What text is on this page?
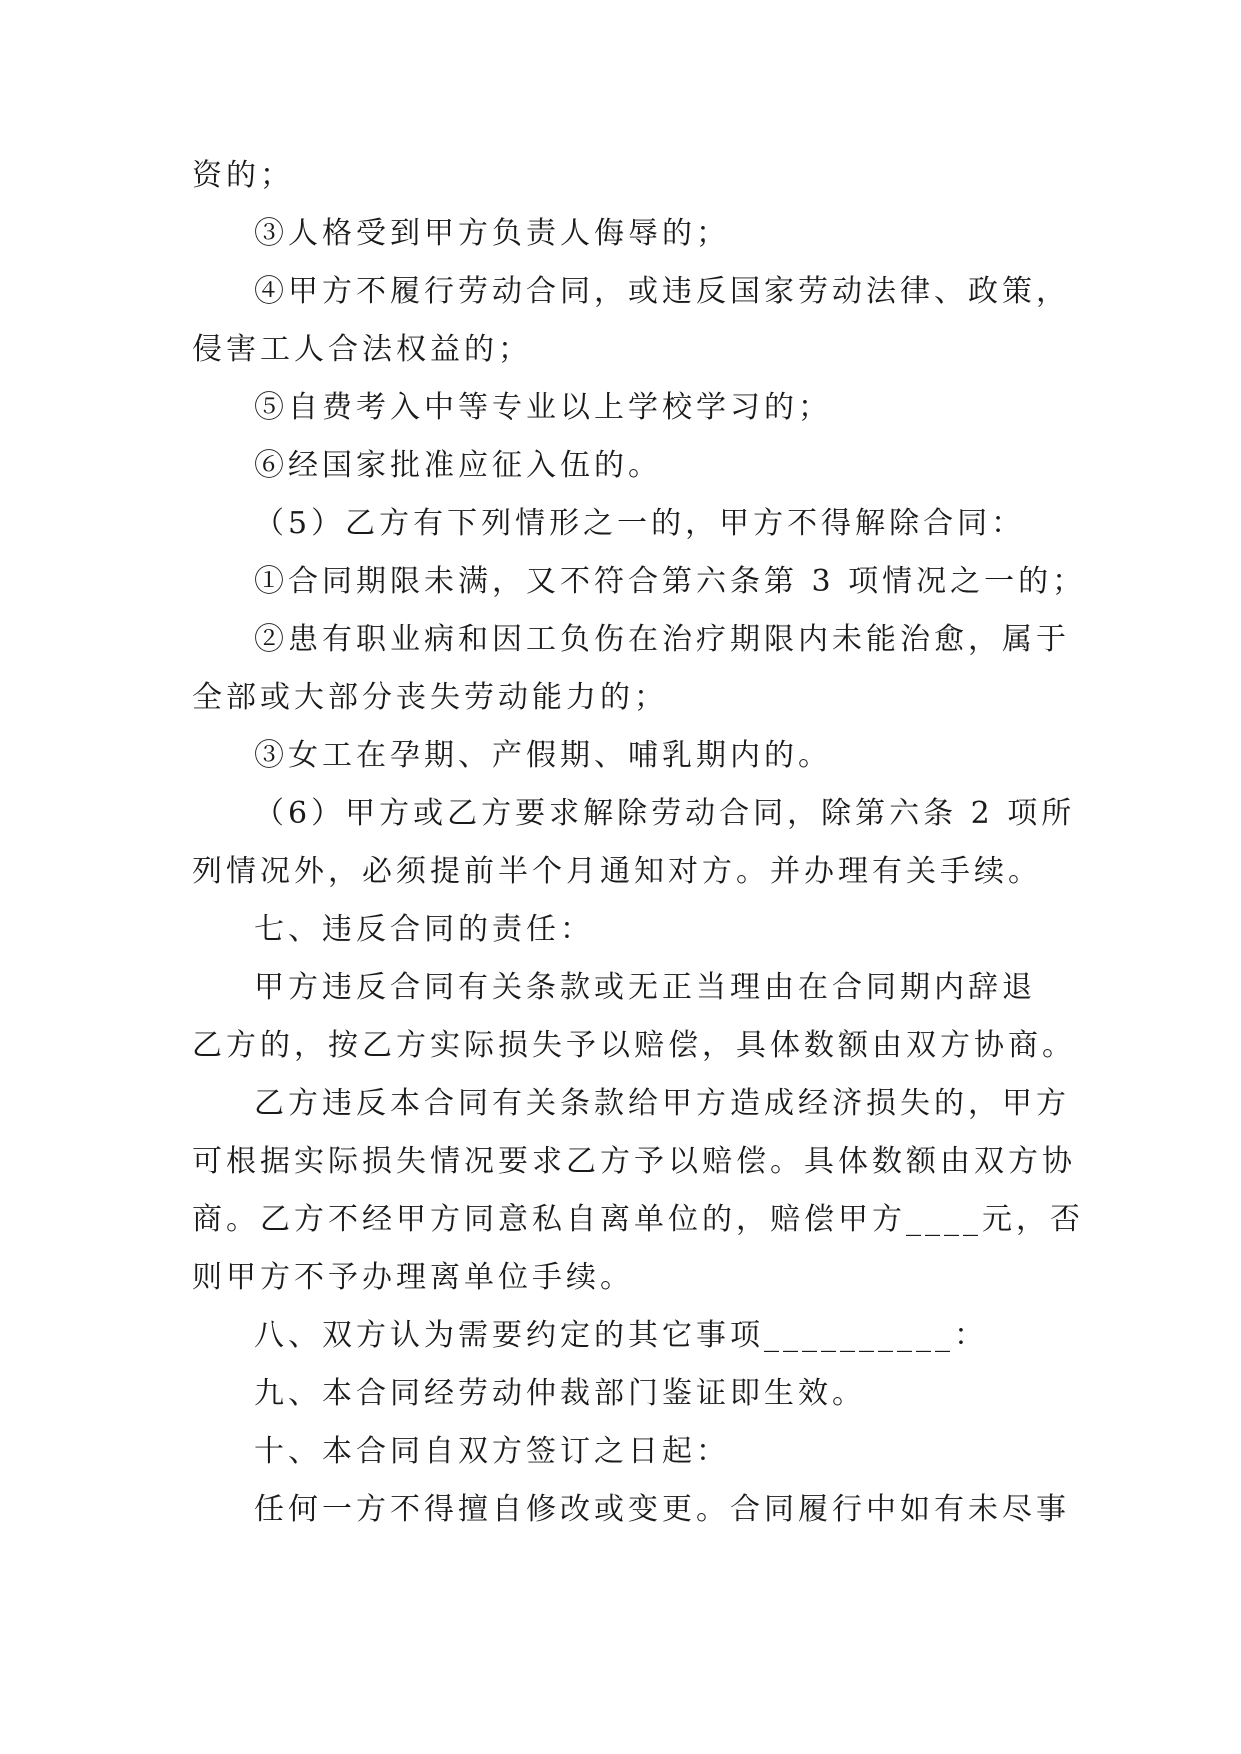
资的；
③人格受到甲方负责人侮辱的；
④甲方不履行劳动合同，或违反国家劳动法律、政策，
侵害工人合法权益的；
⑤自费考入中等专业以上学校学习的；
⑥经国家批准应征入伍的。
（5）乙方有下列情形之一的，甲方不得解除合同：
①合同期限未满，又不符合第六条第 3 项情况之一的；
②患有职业病和因工负伤在治疗期限内未能治愈，属于
全部或大部分丧失劳动能力的；
③女工在孕期、产假期、哺乳期内的。
（6）甲方或乙方要求解除劳动合同，除第六条 2 项所
列情况外，必须提前半个月通知对方。并办理有关手续。
七、违反合同的责任：
甲方违反合同有关条款或无正当理由在合同期内辞退
乙方的，按乙方实际损失予以赔偿，具体数额由双方协商。
乙方违反本合同有关条款给甲方造成经济损失的，甲方
可根据实际损失情况要求乙方予以赔偿。具体数额由双方协
商。乙方不经甲方同意私自离单位的，赔偿甲方____元，否
则甲方不予办理离单位手续。
八、双方认为需要约定的其它事项__________：
九、本合同经劳动仲裁部门鉴证即生效。
十、本合同自双方签订之日起：
任何一方不得擅自修改或变更。合同履行中如有未尽事
